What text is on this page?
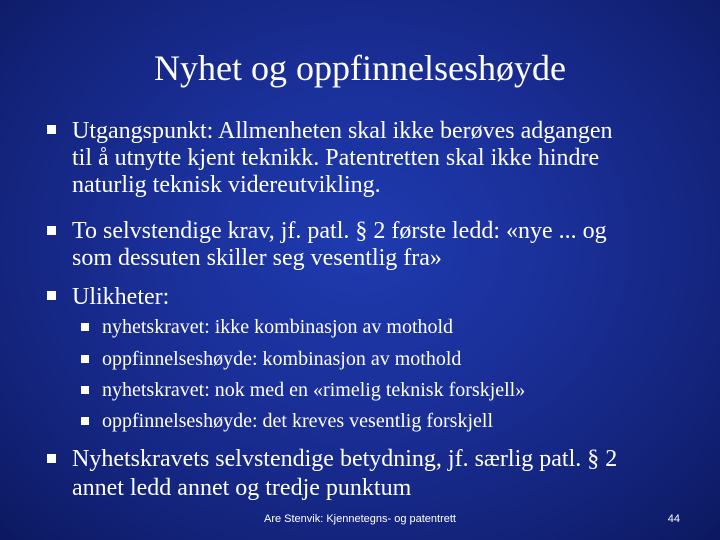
Nyhet og oppfinnelseshøyde
Utgangspunkt: Allmenheten skal ikke berøves adgangen
til å utnytte kjent teknikk. Patentretten skal ikke hindre
naturlig teknisk videreutvikling.
To selvstendige krav, jf. patl. § 2 første ledd: «nye ... og
som dessuten skiller seg vesentlig fra»
Ulikheter:
nyhetskravet: ikke kombinasjon av mothold
oppfinnelseshøyde: kombinasjon av mothold
nyhetskravet: nok med en «rimelig teknisk forskjell»
oppfinnelseshøyde: det kreves vesentlig forskjell
Nyhetskravets selvstendige betydning, jf. særlig patl. § 2
annet ledd annet og tredje punktum
Are Stenvik: Kjennetegns- og patentrett	44
